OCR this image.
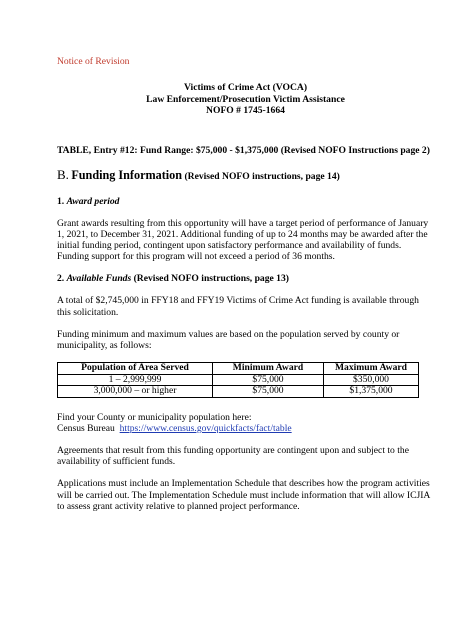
Notice of Revision
Victims of Crime Act (VOCA)
Law Enforcement/Prosecution Victim Assistance
NOFO # 1745-1664
TABLE, Entry #12: Fund Range: $75,000 - $1,375,000 (Revised NOFO Instructions page 2)
B. Funding Information (Revised NOFO instructions, page 14)
1. Award period

Grant awards resulting from this opportunity will have a target period of performance of January 1, 2021, to December 31, 2021. Additional funding of up to 24 months may be awarded after the initial funding period, contingent upon satisfactory performance and availability of funds. Funding support for this program will not exceed a period of 36 months.

2. Available Funds (Revised NOFO instructions, page 13)

A total of $2,745,000 in FFY18 and FFY19 Victims of Crime Act funding is available through this solicitation.

Funding minimum and maximum values are based on the population served by county or municipality, as follows:

Population of Area Served	Minimum Award	Maximum Award
1 – 2,999,999	$75,000	$350,000
3,000,000 – or higher	$75,000	$1,375,000

Find your County or municipality population here:
Census Bureau https://www.census.gov/quickfacts/fact/table

Agreements that result from this funding opportunity are contingent upon and subject to the availability of sufficient funds.

Applications must include an Implementation Schedule that describes how the program activities will be carried out. The Implementation Schedule must include information that will allow ICJIA to assess grant activity relative to planned project performance.
